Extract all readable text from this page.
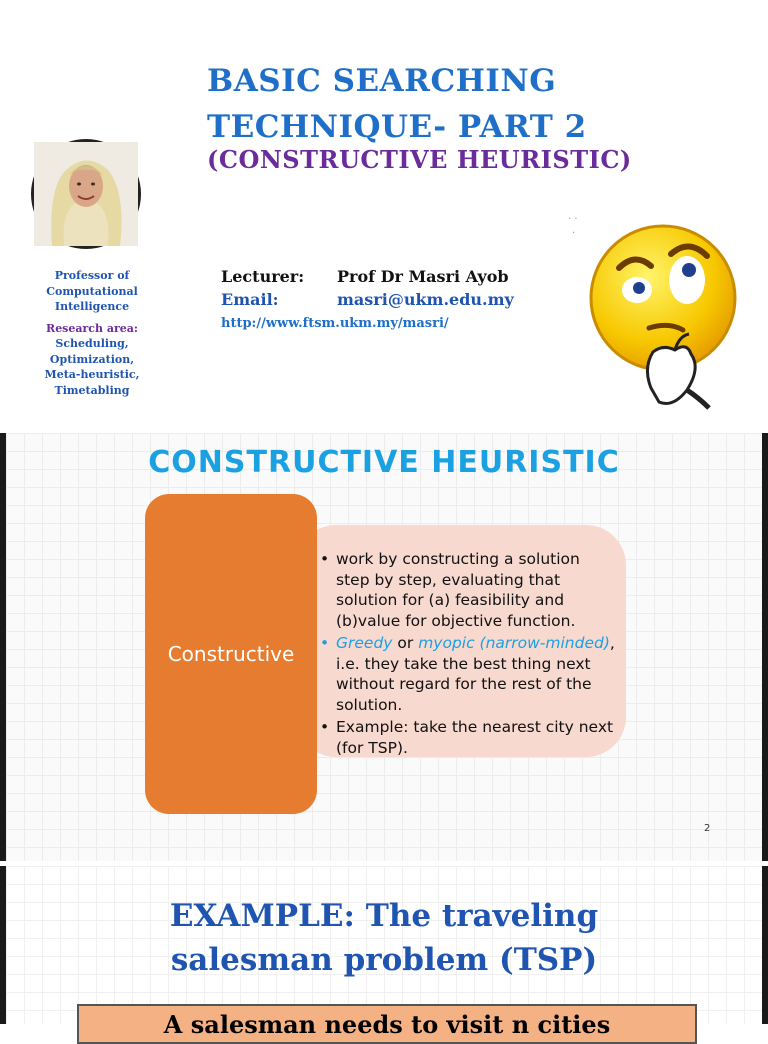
BASIC SEARCHING
TECHNIQUE- PART 2
(CONSTRUCTIVE HEURISTIC)
Professor of
Computational
Intelligence
Research area:
Scheduling,
Optimization,
Meta-heuristic,
Timetabling
Lecturer:	Prof Dr Masri Ayob
Email:	masri@ukm.edu.my
http://www.ftsm.ukm.my/masri/
. .
.
CONSTRUCTIVE HEURISTIC
Constructive
• work by constructing a solution step by step, evaluating that solution for (a) feasibility and (b)value for objective function.
• Greedy or myopic (narrow-minded), i.e. they take the best thing next without regard for the rest of the solution.
• Example: take the nearest city next (for TSP).
2
EXAMPLE: The traveling
salesman problem (TSP)
A salesman needs to visit n cities
